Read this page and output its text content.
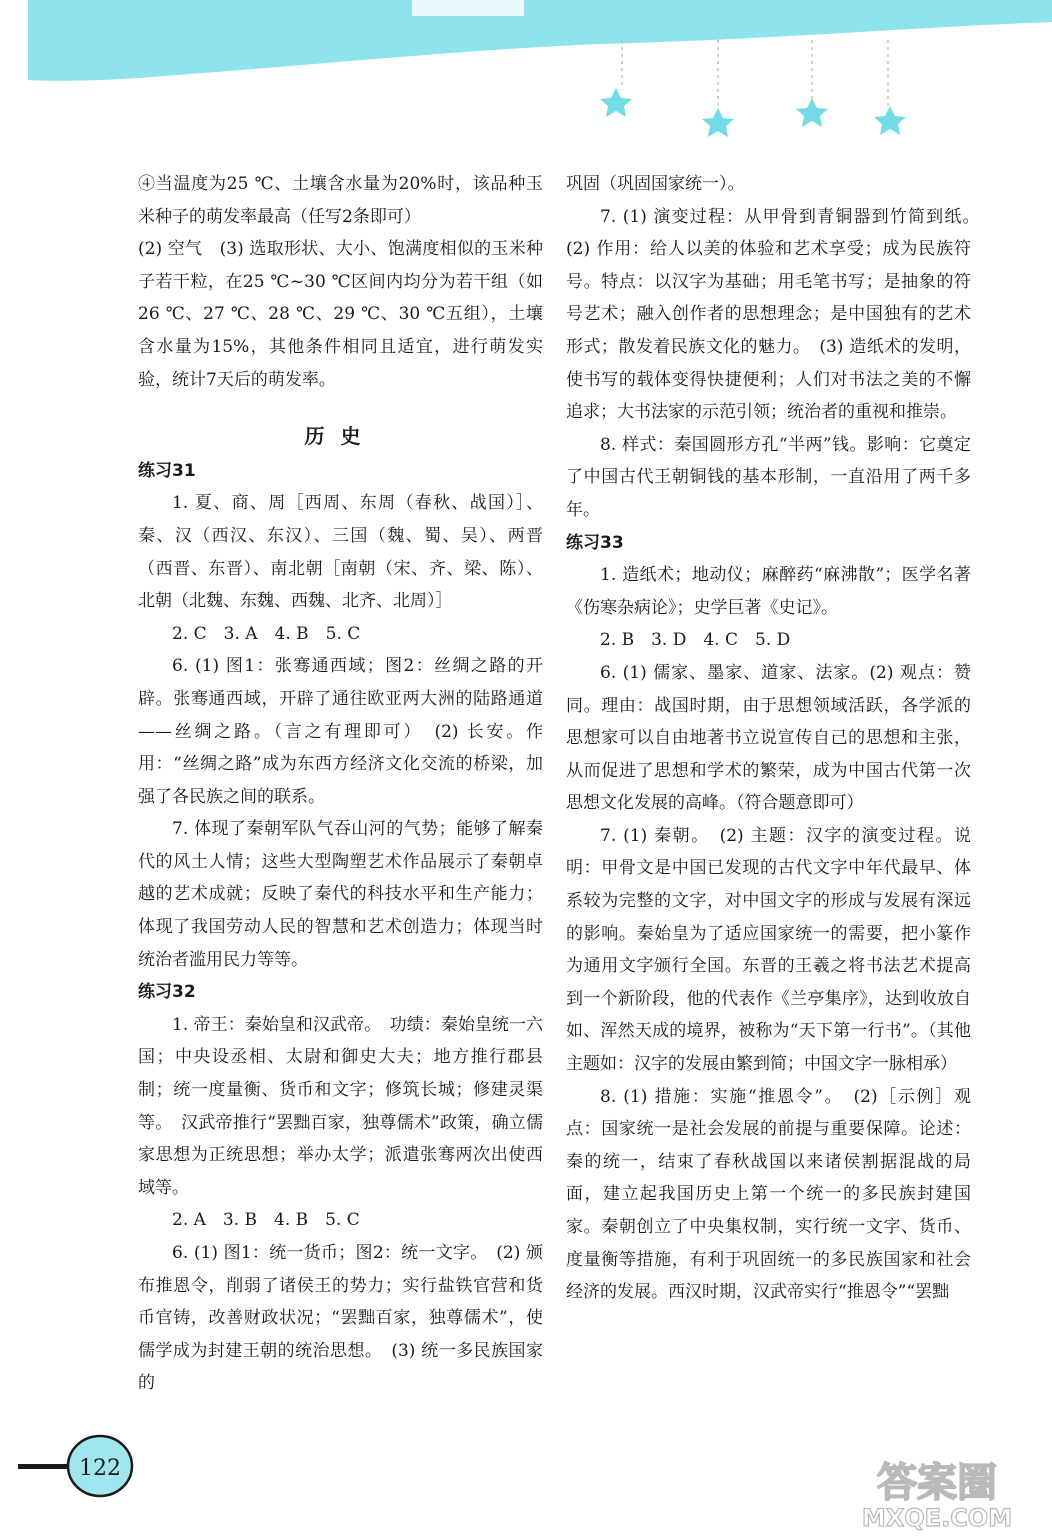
④当温度为25 ℃、土壤含水量为20%时，该品种玉米种子的萌发率最高（任写2条即可）

(2) 空气　(3) 选取形状、大小、饱满度相似的玉米种子若干粒，在25 ℃~30 ℃区间内均分为若干组（如26 ℃、27 ℃、28 ℃、29 ℃、30 ℃五组），土壤含水量为15%，其他条件相同且适宜，进行萌发实验，统计7天后的萌发率。

历史

练习31

1. 夏、商、周［西周、东周（春秋、战国）］、秦、汉（西汉、东汉）、三国（魏、蜀、吴）、两晋（西晋、东晋）、南北朝［南朝（宋、齐、梁、陈）、北朝（北魏、东魏、西魏、北齐、北周）］

2. C　3. A　4. B　5. C

6. (1) 图1：张骞通西域；图2：丝绸之路的开辟。张骞通西域，开辟了通往欧亚两大洲的陆路通道——丝绸之路。（言之有理即可）　(2) 长安。作用：“丝绸之路”成为东西方经济文化交流的桥梁，加强了各民族之间的联系。

7. 体现了秦朝军队气吞山河的气势；能够了解秦代的风土人情；这些大型陶塑艺术作品展示了秦朝卓越的艺术成就；反映了秦代的科技水平和生产能力；体现了我国劳动人民的智慧和艺术创造力；体现当时统治者滥用民力等等。

练习32

1. 帝王：秦始皇和汉武帝。　功绩：秦始皇统一六国；中央设丞相、太尉和御史大夫；地方推行郡县制；统一度量衡、货币和文字；修筑长城；修建灵渠等。　汉武帝推行“罢黜百家，独尊儒术”政策，确立儒家思想为正统思想；举办太学；派遣张骞两次出使西域等。

2. A　3. B　4. B　5. C

6. (1) 图1：统一货币；图2：统一文字。　(2) 颁布推恩令，削弱了诸侯王的势力；实行盐铁官营和货币官铸，改善财政状况；“罢黜百家，独尊儒术”，使儒学成为封建王朝的统治思想。　(3) 统一多民族国家的

巩固（巩固国家统一）。

7. (1) 演变过程：从甲骨到青铜器到竹简到纸。　(2) 作用：给人以美的体验和艺术享受；成为民族符号。特点：以汉字为基础；用毛笔书写；是抽象的符号艺术；融入创作者的思想理念；是中国独有的艺术形式；散发着民族文化的魅力。　(3) 造纸术的发明，使书写的载体变得快捷便利；人们对书法之美的不懈追求；大书法家的示范引领；统治者的重视和推崇。

8. 样式：秦国圆形方孔“半两”钱。影响：它奠定了中国古代王朝铜钱的基本形制，一直沿用了两千多年。

练习33

1. 造纸术；地动仪；麻醉药“麻沸散”；医学名著《伤寒杂病论》；史学巨著《史记》。

2. B　3. D　4. C　5. D

6. (1) 儒家、墨家、道家、法家。(2) 观点：赞同。理由：战国时期，由于思想领域活跃，各学派的思想家可以自由地著书立说宣传自己的思想和主张，从而促进了思想和学术的繁荣，成为中国古代第一次思想文化发展的高峰。（符合题意即可）

7. (1) 秦朝。　(2) 主题：汉字的演变过程。说明：甲骨文是中国已发现的古代文字中年代最早、体系较为完整的文字，对中国文字的形成与发展有深远的影响。秦始皇为了适应国家统一的需要，把小篆作为通用文字颁行全国。东晋的王羲之将书法艺术提高到一个新阶段，他的代表作《兰亭集序》，达到收放自如、浑然天成的境界，被称为“天下第一行书”。（其他主题如：汉字的发展由繁到简；中国文字一脉相承）

8. (1) 措施：实施“推恩令”。　(2)［示例］观点：国家统一是社会发展的前提与重要保障。论述：秦的统一，结束了春秋战国以来诸侯割据混战的局面，建立起我国历史上第一个统一的多民族封建国家。秦朝创立了中央集权制，实行统一文字、货币、度量衡等措施，有利于巩固统一的多民族国家和社会经济的发展。西汉时期，汉武帝实行“推恩令”“罢黜

122	答案圈
MXQE.COM
